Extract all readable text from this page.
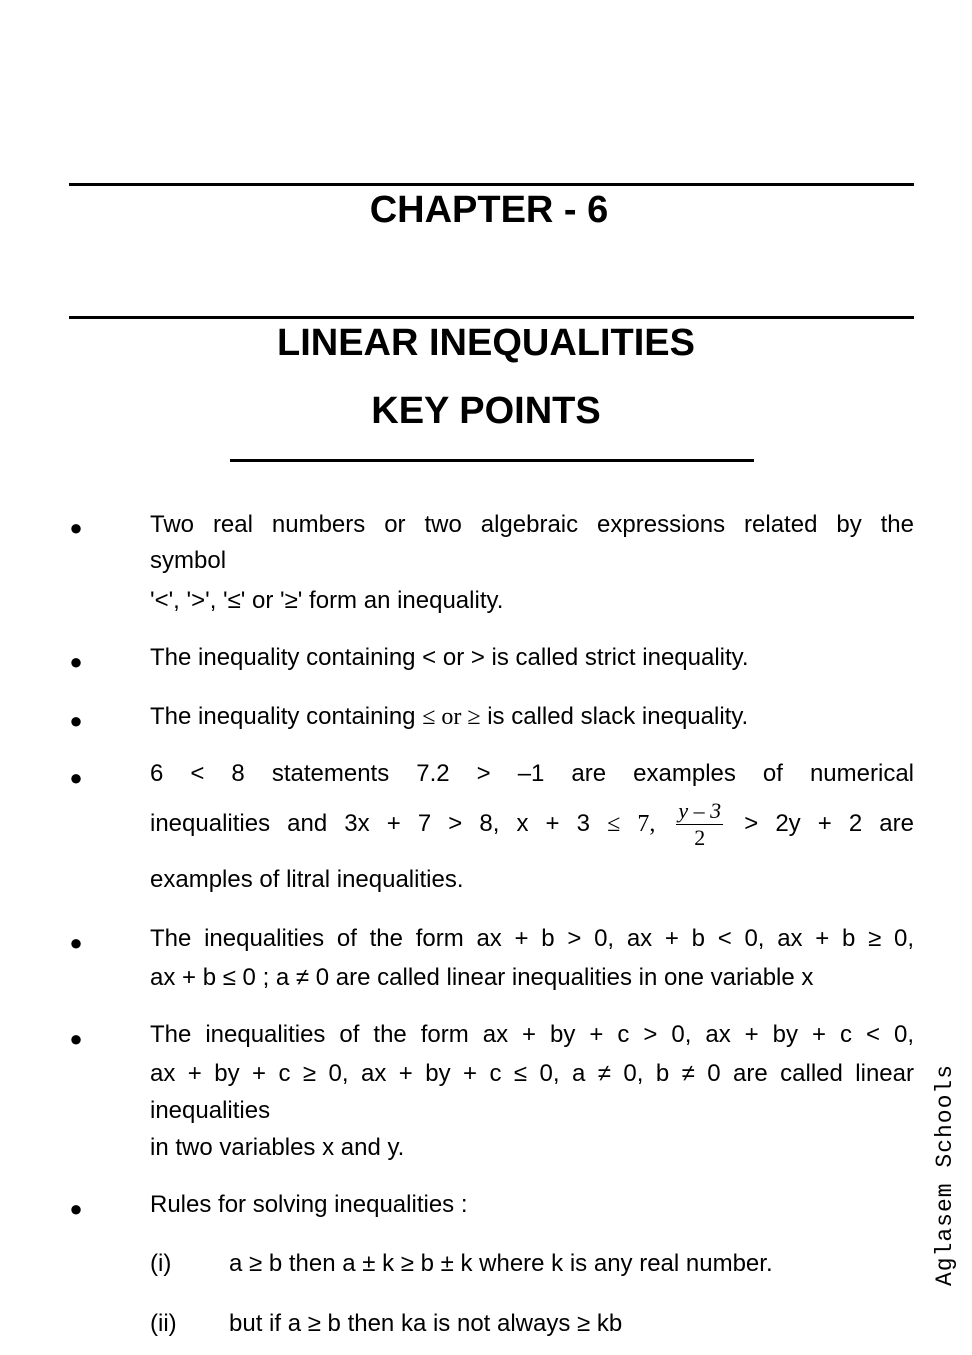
CHAPTER - 6
LINEAR INEQUALITIES
KEY POINTS
●	Two real numbers or two algebraic expressions related by the
symbol
'<', '>', '≤' or '≥' form an inequality.
●	The inequality containing < or > is called strict inequality.
●	The inequality containing ≤ or ≥ is called slack inequality.
●	6 < 8 statements 7.2 > –1 are examples of numerical
inequalities and 3x + 7 > 8, x + 3 ≤ 7, $\frac{y - 3}{2} > 2y + 2$ are
examples of litral inequalities.
●	The inequalities of the form ax + b > 0, ax + b < 0, ax + b ≥ 0,
ax + b ≤ 0 ; a ≠ 0 are called linear inequalities in one variable x
●	The inequalities of the form ax + by + c > 0, ax + by + c < 0,
ax + by + c ≥ 0, ax + by + c ≤ 0, a ≠ 0, b ≠ 0 are called linear
inequalities
in two variables x and y.
●	Rules for solving inequalities :
(i) a ≥ b then a ± k ≥ b ± k where k is any real number.
(ii) but if a ≥ b then ka is not always ≥ kb
Aglasem Schools
